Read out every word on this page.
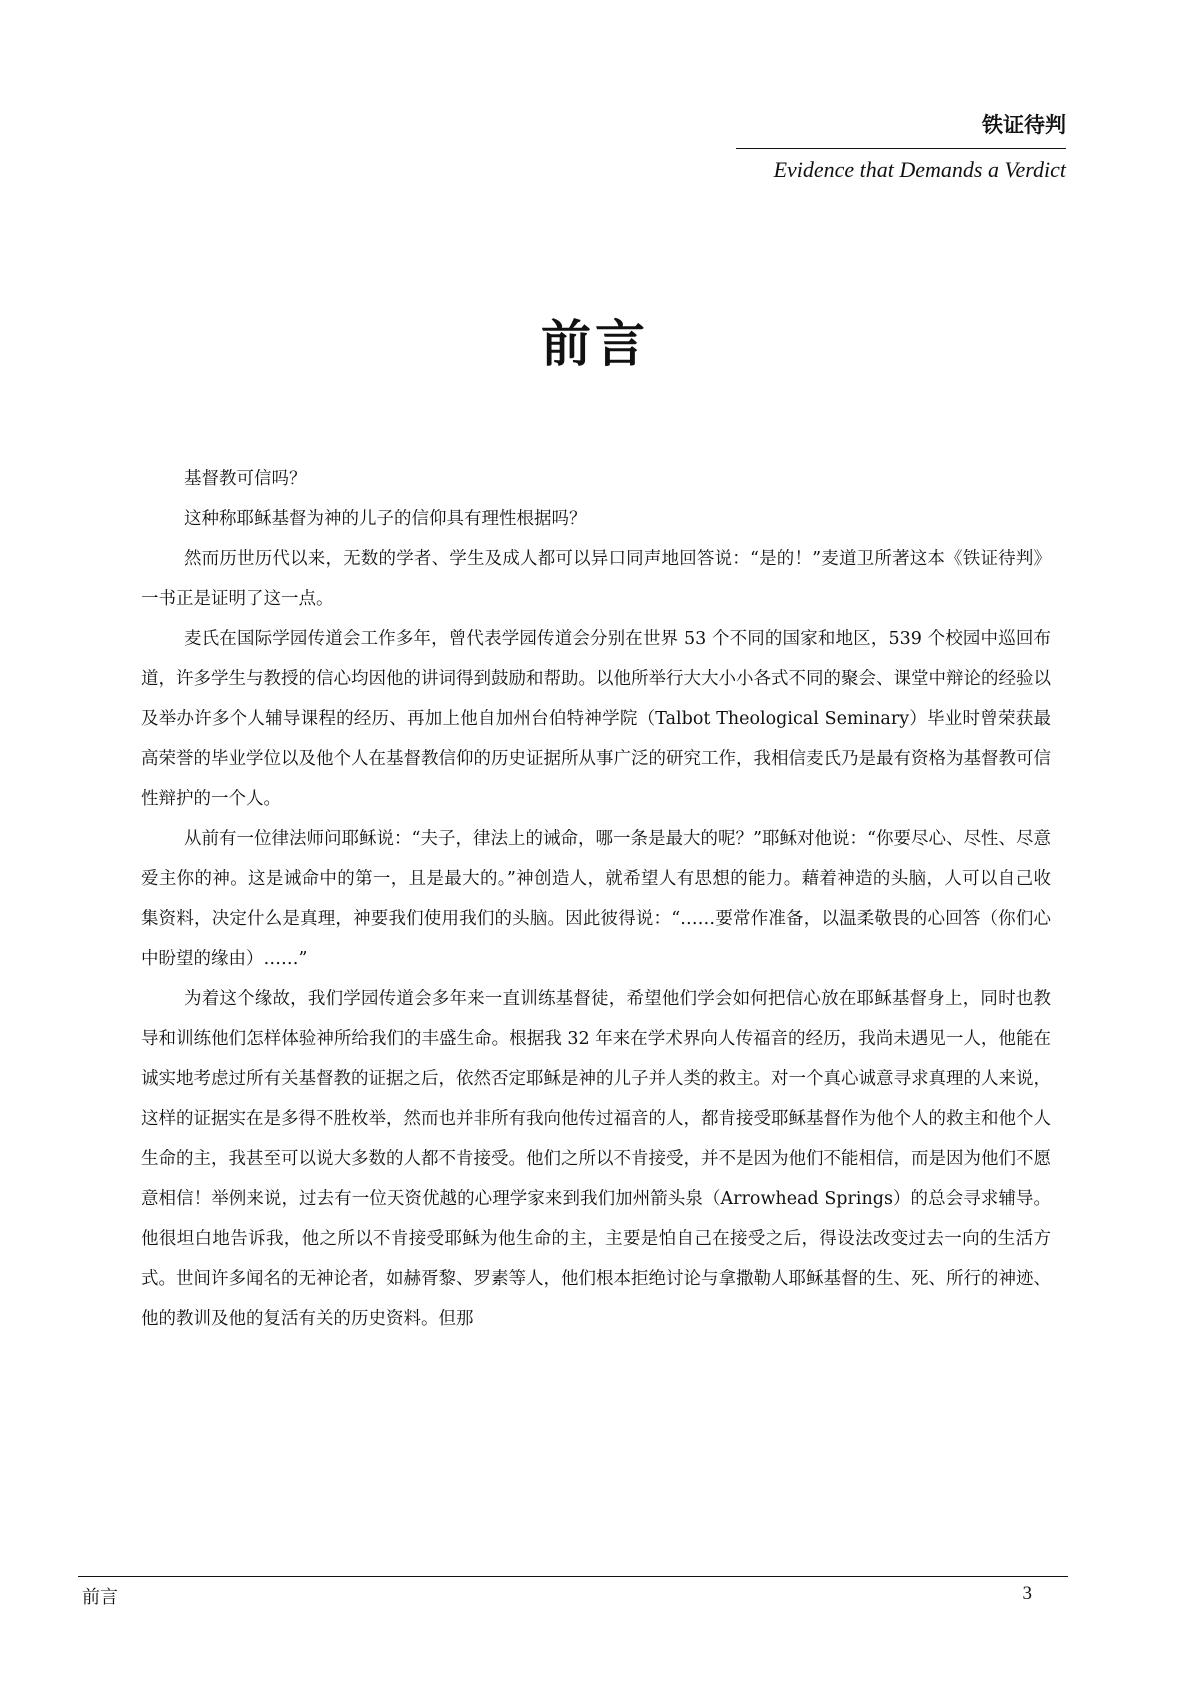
铁证待判
Evidence that Demands a Verdict
前言

基督教可信吗？

这种称耶稣基督为神的儿子的信仰具有理性根据吗？

然而历世历代以来，无数的学者、学生及成人都可以异口同声地回答说：“是的！”麦道卫所著这本《铁证待判》一书正是证明了这一点。

麦氏在国际学园传道会工作多年，曾代表学园传道会分别在世界 53 个不同的国家和地区，539 个校园中巡回布道，许多学生与教授的信心均因他的讲词得到鼓励和帮助。以他所举行大大小小各式不同的聚会、课堂中辩论的经验以及举办许多个人辅导课程的经历、再加上他自加州台伯特神学院（Talbot Theological Seminary）毕业时曾荣获最高荣誉的毕业学位以及他个人在基督教信仰的历史证据所从事广泛的研究工作，我相信麦氏乃是最有资格为基督教可信性辩护的一个人。

从前有一位律法师问耶稣说：“夫子，律法上的诫命，哪一条是最大的呢？”耶稣对他说：“你要尽心、尽性、尽意爱主你的神。这是诫命中的第一，且是最大的。”神创造人，就希望人有思想的能力。藉着神造的头脑，人可以自己收集资料，决定什么是真理，神要我们使用我们的头脑。因此彼得说：“……要常作准备，以温柔敬畏的心回答（你们心中盼望的缘由）……”

为着这个缘故，我们学园传道会多年来一直训练基督徒，希望他们学会如何把信心放在耶稣基督身上，同时也教导和训练他们怎样体验神所给我们的丰盛生命。根据我 32 年来在学术界向人传福音的经历，我尚未遇见一人，他能在诚实地考虑过所有关基督教的证据之后，依然否定耶稣是神的儿子并人类的救主。对一个真心诚意寻求真理的人来说，这样的证据实在是多得不胜枚举，然而也并非所有我向他传过福音的人，都肯接受耶稣基督作为他个人的救主和他个人生命的主，我甚至可以说大多数的人都不肯接受。他们之所以不肯接受，并不是因为他们不能相信，而是因为他们不愿意相信！举例来说，过去有一位天资优越的心理学家来到我们加州箭头泉（Arrowhead Springs）的总会寻求辅导。他很坦白地告诉我，他之所以不肯接受耶稣为他生命的主，主要是怕自己在接受之后，得设法改变过去一向的生活方式。世间许多闻名的无神论者，如赫胥黎、罗素等人，他们根本拒绝讨论与拿撒勒人耶稣基督的生、死、所行的神迹、他的教训及他的复活有关的历史资料。但那

前言	3
